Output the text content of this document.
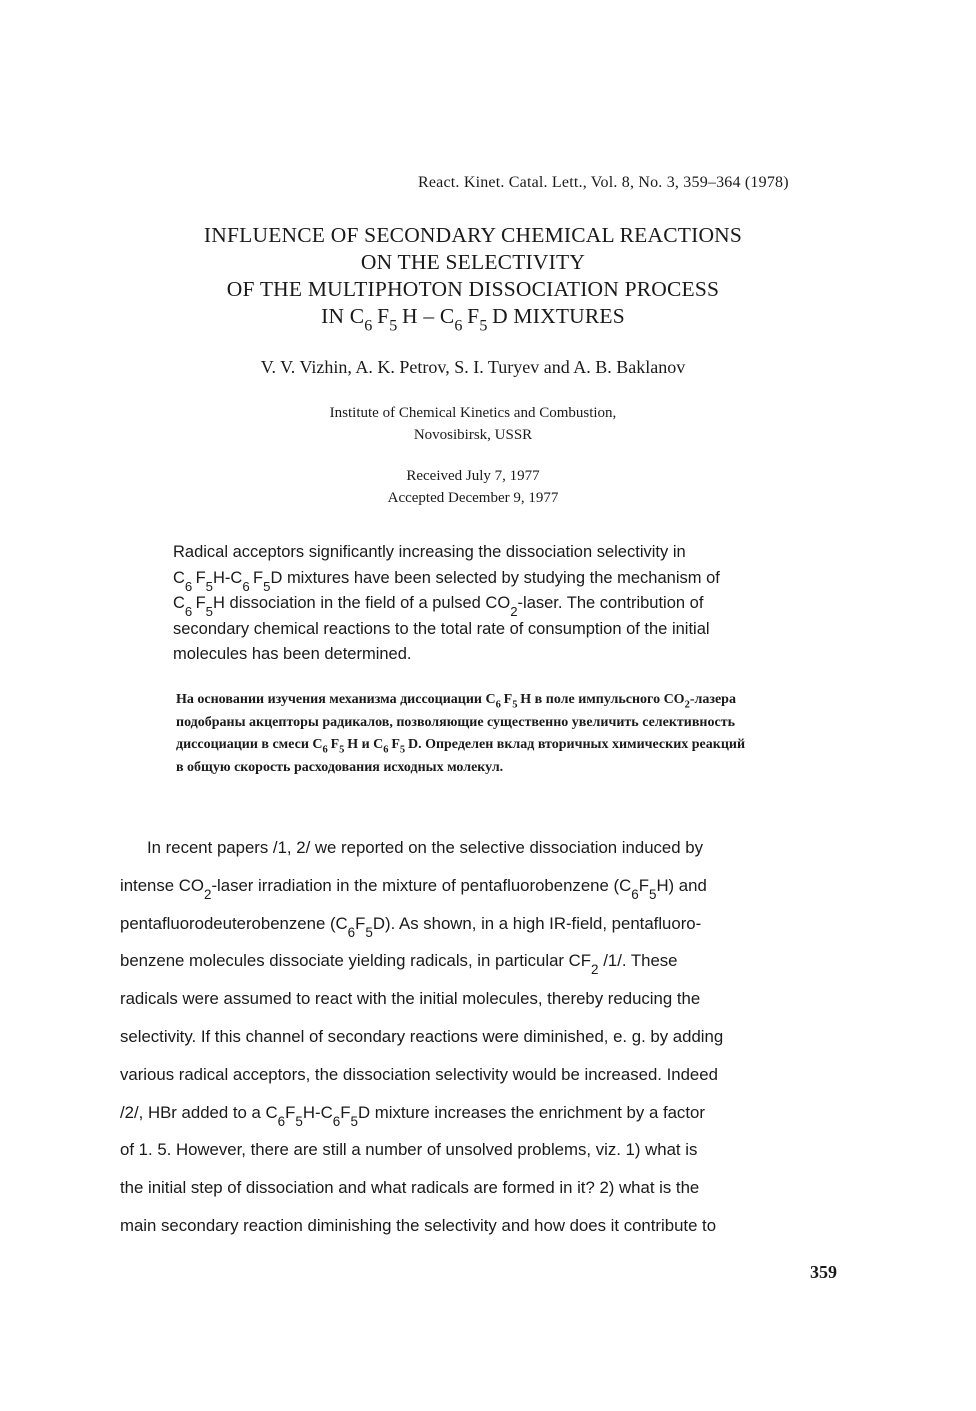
React. Kinet. Catal. Lett., Vol. 8, No. 3, 359–364 (1978)
INFLUENCE OF SECONDARY CHEMICAL REACTIONS
ON THE SELECTIVITY
OF THE MULTIPHOTON DISSOCIATION PROCESS
IN $C_6$  $F_5$  H – $C_6$  $F_5$  D MIXTURES
V. V. Vizhin, A. K. Petrov, S. I. Turyev and A. B. Baklanov
Institute of Chemical Kinetics and Combustion,
Novosibirsk, USSR
Received July 7, 1977
Accepted December 9, 1977
Radical acceptors significantly increasing the dissociation selectivity in
$C_6$  $F_5H-C_6$  $F_5D$ mixtures have been selected by studying the mechanism of
$C_6$  $F_5H$ dissociation in the field of a pulsed $CO_2$-laser. The contribution of
secondary chemical reactions to the total rate of consumption of the initial
molecules has been determined.
На основании изучения механизма диссоциации $C_6$  $F_5$  H в поле импульсного $CO_2$-лазера
подобраны акцепторы радикалов, позволяющие существенно увеличить селективность
диссоциации в смеси $C_6$  $F_5$  H и $C_6$  $F_5$  D. Определен вклад вторичных химических реакций
в общую скорость расходования исходных молекул.
In recent papers /1, 2/ we reported on the selective dissociation induced by
intense $CO_2$-laser irradiation in the mixture of pentafluorobenzene $(C_6F_5H)$ and
pentafluorodeuterobenzene $(C_6F_5D)$. As shown, in a high IR-field, pentafluoro-
benzene molecules dissociate yielding radicals, in particular $CF_2$ /1/. These
radicals were assumed to react with the initial molecules, thereby reducing the
selectivity. If this channel of secondary reactions were diminished, e. g. by adding
various radical acceptors, the dissociation selectivity would be increased. Indeed
/2/, HBr added to a $C_6F_5H-C_6F_5D$ mixture increases the enrichment by a factor
of 1. 5. However, there are still a number of unsolved problems, viz. 1) what is
the initial step of dissociation and what radicals are formed in it? 2) what is the
main secondary reaction diminishing the selectivity and how does it contribute to
359
